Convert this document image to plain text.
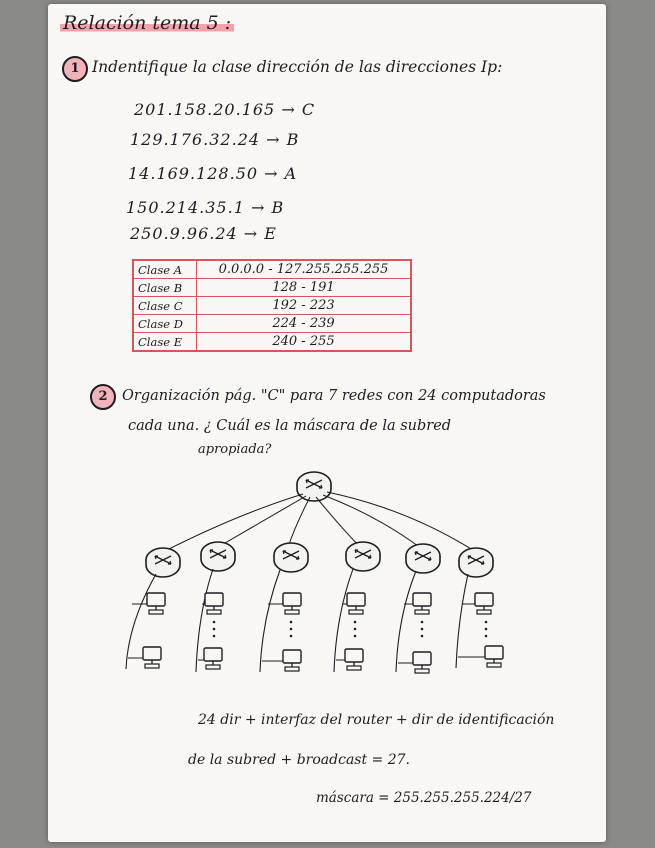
Relación tema 5 :
1 Indentifique la clase dirección de las direcciones Ip:
201.158.20.165 → C
129.176.32.24 → B
14.169.128.50 → A
150.214.35.1 → B
250.9.96.24 → E
Clase A	0.0.0.0 - 127.255.255.255
Clase B	128 - 191
Clase C	192 - 223
Clase D	224 - 239
Clase E	240 - 255
2 Organización pág. "C" para 7 redes con 24 computadoras
cada una. ¿ Cuál es la máscara de la subred
apropiada?
24 dir + interfaz del router + dir de identificación
de la subred + broadcast = 27.
máscara = 255.255.255.224/27
